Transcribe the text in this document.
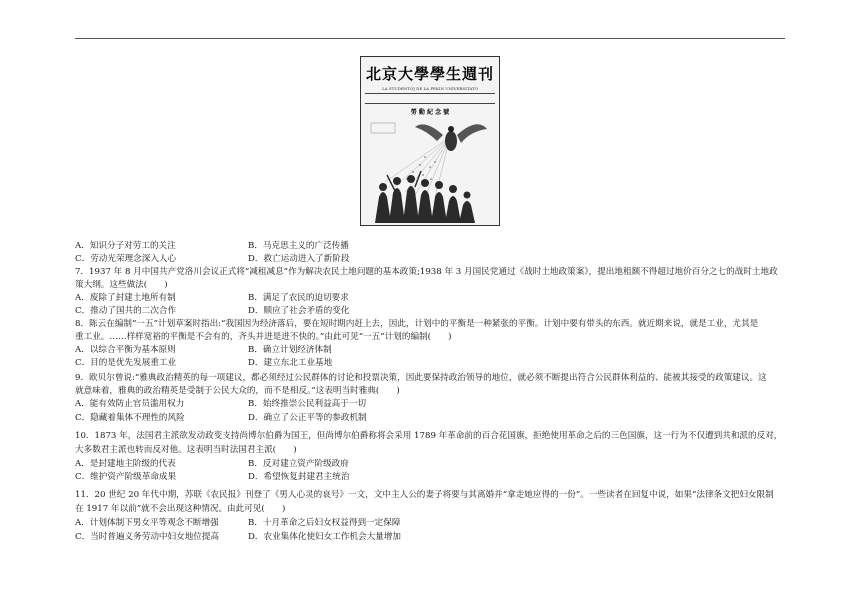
北京大學學生週刊
LA STUDENTOJ DE LA PEKIN UNIVERSITATO
勞 動 紀 念 號
A．知识分子对劳工的关注	B．马克思主义的广泛传播
C．劳动光荣理念深入人心	D．救亡运动进入了新阶段
7．1937 年 8 月中国共产党洛川会议正式将“减租减息”作为解决农民土地问题的基本政策;1938 年 3 月国民党通过《战时土地政策案》，提出地租额不得超过地价百分之七的战时土地政
策大纲。这些做法(　　)
A．废除了封建土地所有制	B．满足了农民的迫切要求
C．推动了国共的二次合作	D．顺应了社会矛盾的变化
8．陈云在编制“一五”计划草案时指出:“我国因为经济落后，要在短时期内赶上去，因此，计划中的平衡是一种紧张的平衡。计划中要有带头的东西。就近期来说，就是工业，尤其是
重工业。……样样宽裕的平衡是不会有的，齐头并进是进不快的。”由此可见“一五”计划的编制(　　)
A．以综合平衡为基本原则	B．确立计划经济体制
C．目的是优先发展重工业	D．建立东北工业基地
9．欧贝尔曾说:“雅典政治精英的每一项建议，都必须经过公民群体的讨论和投票决策，因此要保持政治领导的地位，就必须不断提出符合公民群体利益的、能被其接受的政策建议。这
就意味着，雅典的政治精英是受制于公民大众的，而不是相反。”这表明当时雅典(　　)
A．能有效防止官员滥用权力	B．始终推崇公民利益高于一切
C．隐藏着集体不理性的风险	D．确立了公正平等的参政机制
10．1873 年，法国君主派欲发动政变支持尚博尔伯爵为国王，但尚博尔伯爵称将会采用 1789 年革命前的百合花国旗，拒绝使用革命之后的三色国旗，这一行为不仅遭到共和派的反对，
大多数君主派也转而反对他。这表明当时法国君主派(　　)
A．是封建地主阶级的代表	B．反对建立资产阶级政府
C．维护资产阶级革命成果	D．希望恢复封建君主统治
11．20 世纪 20 年代中期，苏联《农民报》刊登了《男人心灵的哀号》一文，文中主人公的妻子将要与其离婚并“拿走她应得的一份”。一些读者在回复中说，如果“法律条文把妇女限制
在 1917 年以前”就不会出现这种情况。由此可见(　　)
A．计划体制下男女平等观念不断增强	B．十月革命之后妇女权益得到一定保障
C．当时普遍义务劳动中妇女地位提高	D．农业集体化使妇女工作机会大量增加
